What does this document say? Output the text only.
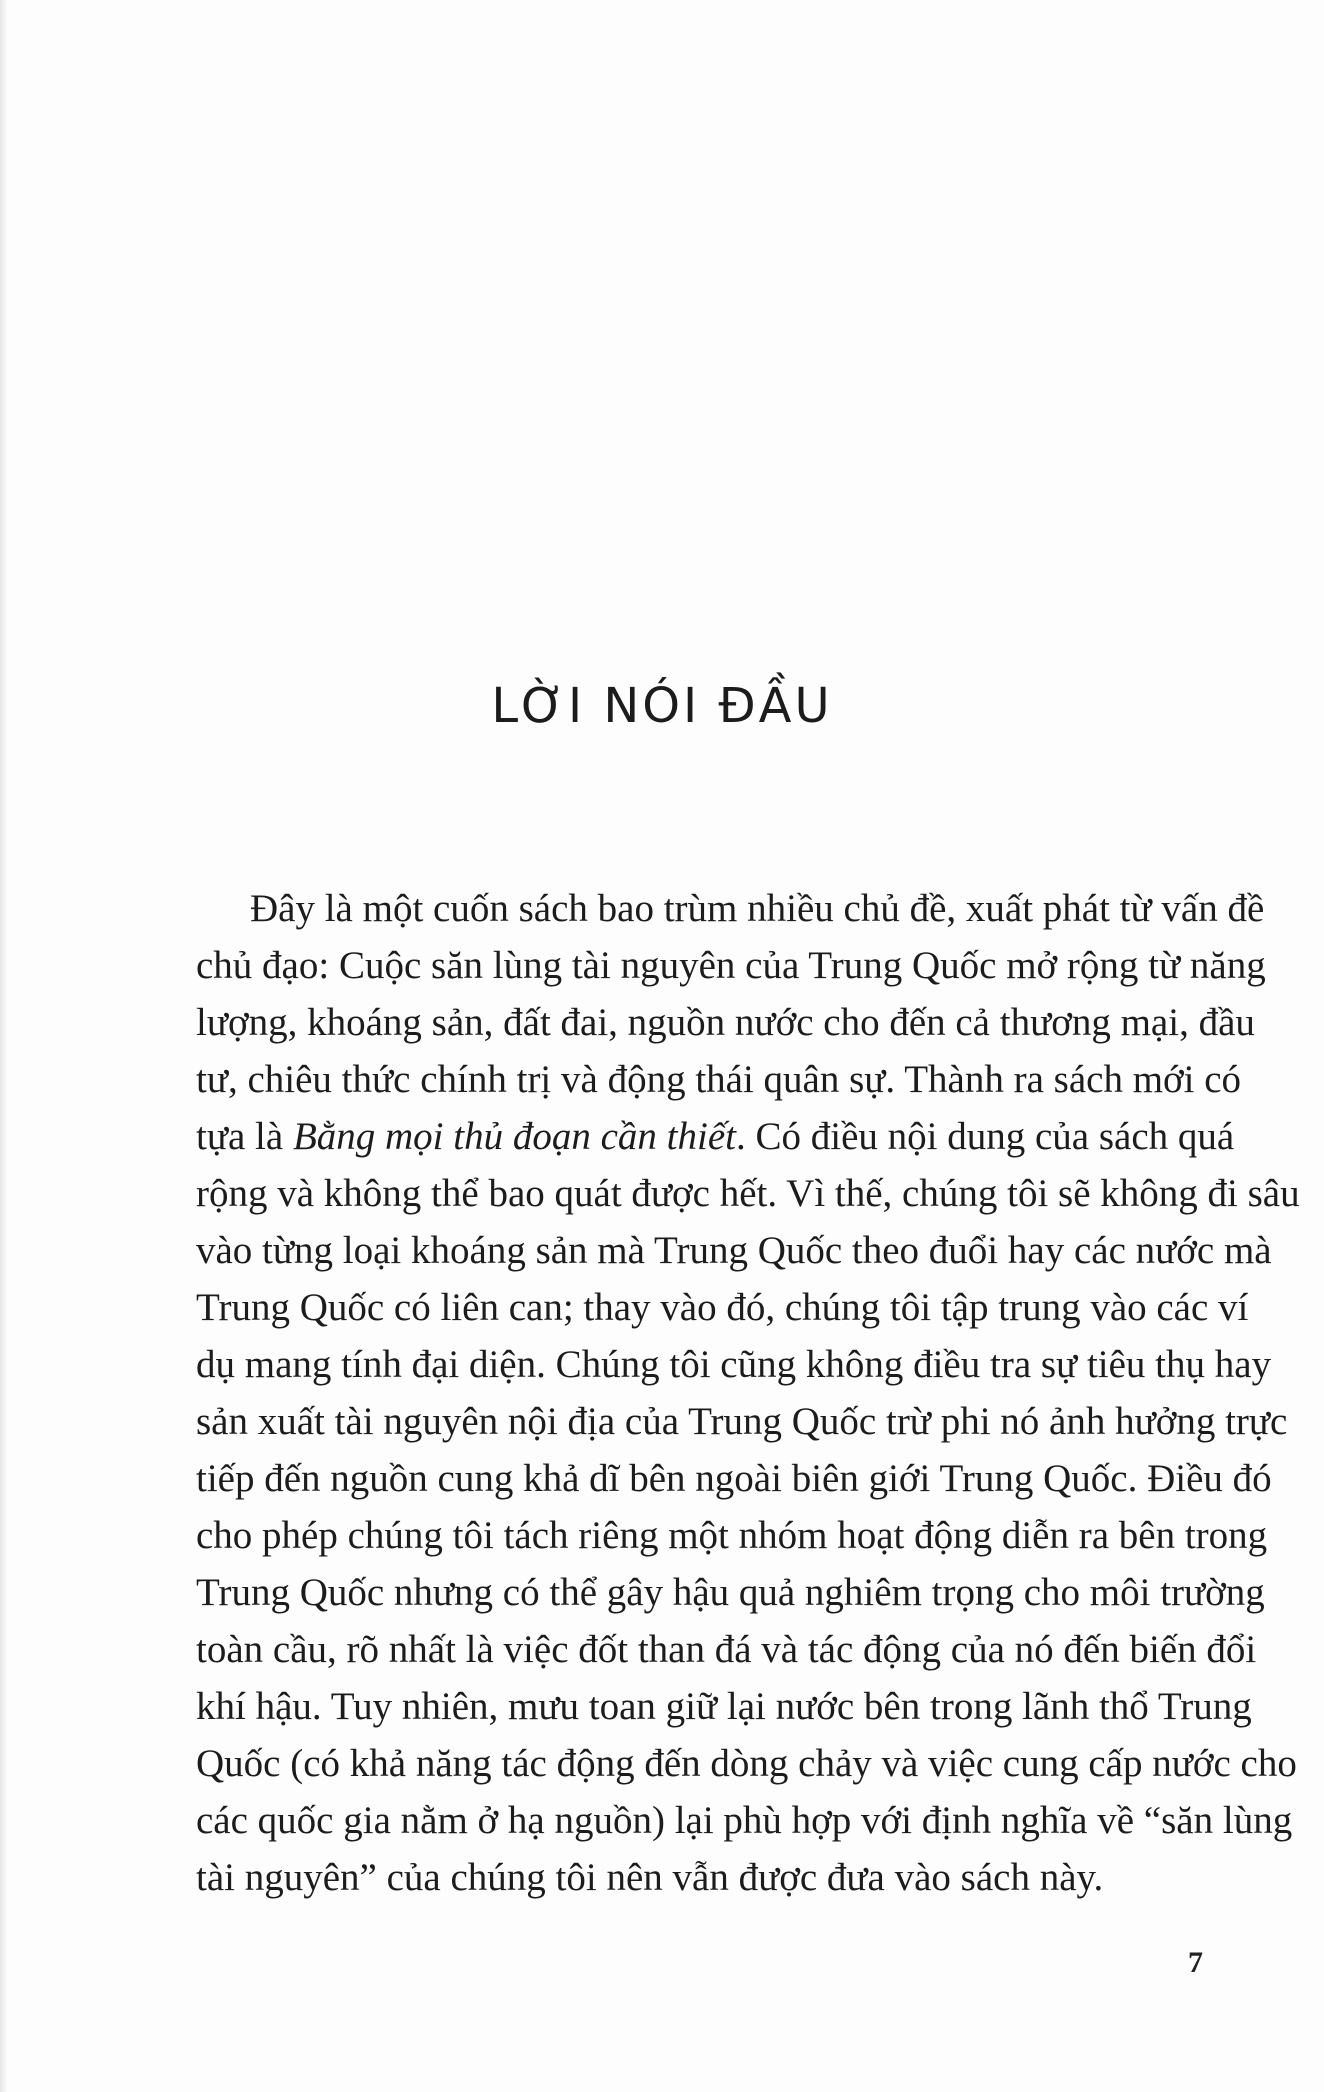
LỜI NÓI ĐẦU
Đây là một cuốn sách bao trùm nhiều chủ đề, xuất phát từ vấn đề
chủ đạo: Cuộc săn lùng tài nguyên của Trung Quốc mở rộng từ năng
lượng, khoáng sản, đất đai, nguồn nước cho đến cả thương mại, đầu
tư, chiêu thức chính trị và động thái quân sự. Thành ra sách mới có
tựa là Bằng mọi thủ đoạn cần thiết. Có điều nội dung của sách quá
rộng và không thể bao quát được hết. Vì thế, chúng tôi sẽ không đi sâu
vào từng loại khoáng sản mà Trung Quốc theo đuổi hay các nước mà
Trung Quốc có liên can; thay vào đó, chúng tôi tập trung vào các ví
dụ mang tính đại diện. Chúng tôi cũng không điều tra sự tiêu thụ hay
sản xuất tài nguyên nội địa của Trung Quốc trừ phi nó ảnh hưởng trực
tiếp đến nguồn cung khả dĩ bên ngoài biên giới Trung Quốc. Điều đó
cho phép chúng tôi tách riêng một nhóm hoạt động diễn ra bên trong
Trung Quốc nhưng có thể gây hậu quả nghiêm trọng cho môi trường
toàn cầu, rõ nhất là việc đốt than đá và tác động của nó đến biến đổi
khí hậu. Tuy nhiên, mưu toan giữ lại nước bên trong lãnh thổ Trung
Quốc (có khả năng tác động đến dòng chảy và việc cung cấp nước cho
các quốc gia nằm ở hạ nguồn) lại phù hợp với định nghĩa về “săn lùng
tài nguyên” của chúng tôi nên vẫn được đưa vào sách này.
7
